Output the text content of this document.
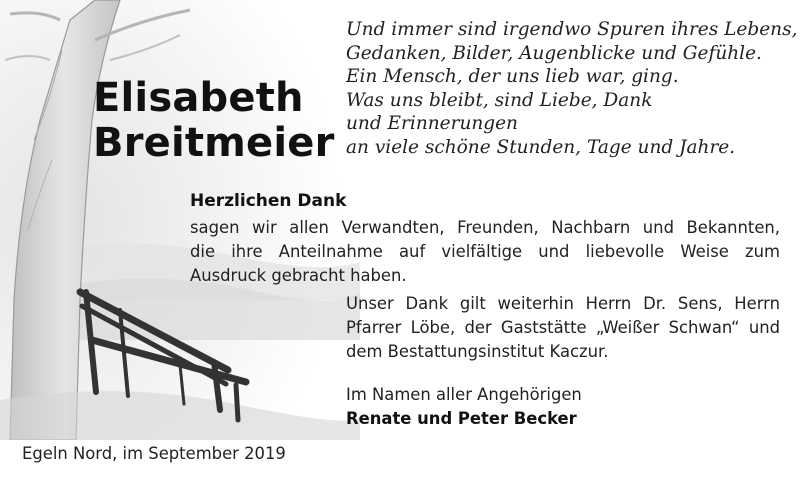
Elisabeth
Breitmeier
Und immer sind irgendwo Spuren ihres Lebens,
Gedanken, Bilder, Augenblicke und Gefühle.
Ein Mensch, der uns lieb war, ging.
Was uns bleibt, sind Liebe, Dank
und Erinnerungen
an viele schöne Stunden, Tage und Jahre.
Herzlichen Dank
sagen wir allen Verwandten, Freunden, Nachbarn und Bekannten,
die ihre Anteilnahme auf vielfältige und liebevolle Weise zum
Ausdruck gebracht haben.
Unser Dank gilt weiterhin Herrn Dr. Sens, Herrn
Pfarrer Löbe, der Gaststätte „Weißer Schwan“ und
dem Bestattungsinstitut Kaczur.
Im Namen aller Angehörigen
Renate und Peter Becker
Egeln Nord, im September 2019
